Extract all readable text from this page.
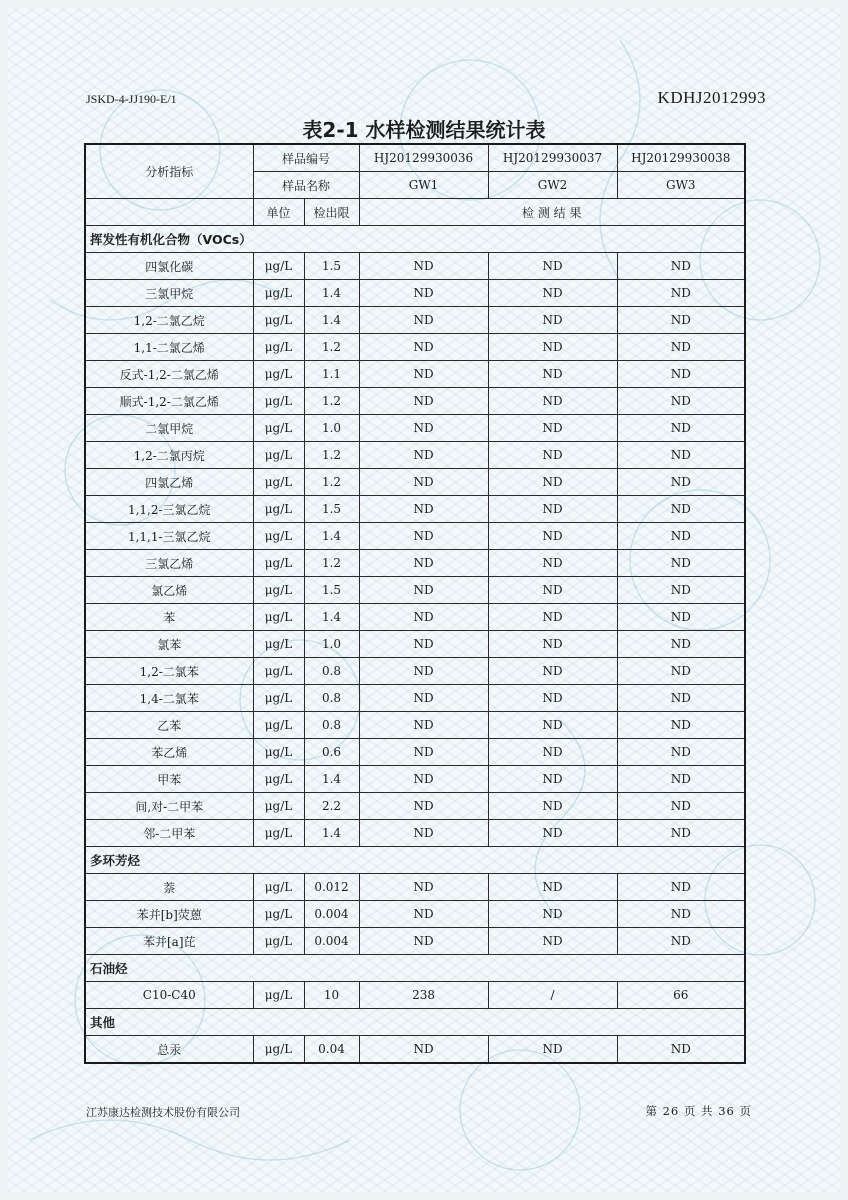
JSKD-4-JJ190-E/1	KDHJ2012993
表2-1 水样检测结果统计表
分析指标	样品编号		HJ20129930036	HJ20129930037	HJ20129930038
	样品名称		GW1	GW2	GW3
	单位	检出限	检 测 结 果		
挥发性有机化合物（VOCs）					
四氯化碳	μg/L	1.5	ND	ND	ND
三氯甲烷	μg/L	1.4	ND	ND	ND
1,2-二氯乙烷	μg/L	1.4	ND	ND	ND
1,1-二氯乙烯	μg/L	1.2	ND	ND	ND
反式-1,2-二氯乙烯	μg/L	1.1	ND	ND	ND
顺式-1,2-二氯乙烯	μg/L	1.2	ND	ND	ND
二氯甲烷	μg/L	1.0	ND	ND	ND
1,2-二氯丙烷	μg/L	1.2	ND	ND	ND
四氯乙烯	μg/L	1.2	ND	ND	ND
1,1,2-三氯乙烷	μg/L	1.5	ND	ND	ND
1,1,1-三氯乙烷	μg/L	1.4	ND	ND	ND
三氯乙烯	μg/L	1.2	ND	ND	ND
氯乙烯	μg/L	1.5	ND	ND	ND
苯	μg/L	1.4	ND	ND	ND
氯苯	μg/L	1.0	ND	ND	ND
1,2-二氯苯	μg/L	0.8	ND	ND	ND
1,4-二氯苯	μg/L	0.8	ND	ND	ND
乙苯	μg/L	0.8	ND	ND	ND
苯乙烯	μg/L	0.6	ND	ND	ND
甲苯	μg/L	1.4	ND	ND	ND
间,对-二甲苯	μg/L	2.2	ND	ND	ND
邻-二甲苯	μg/L	1.4	ND	ND	ND
多环芳烃					
萘	μg/L	0.012	ND	ND	ND
苯并[b]荧蒽	μg/L	0.004	ND	ND	ND
苯并[a]芘	μg/L	0.004	ND	ND	ND
石油烃					
C10-C40	μg/L	10	238	/	66
其他					
总汞	μg/L	0.04	ND	ND	ND
江苏康达检测技术股份有限公司	第 26 页 共 36 页
